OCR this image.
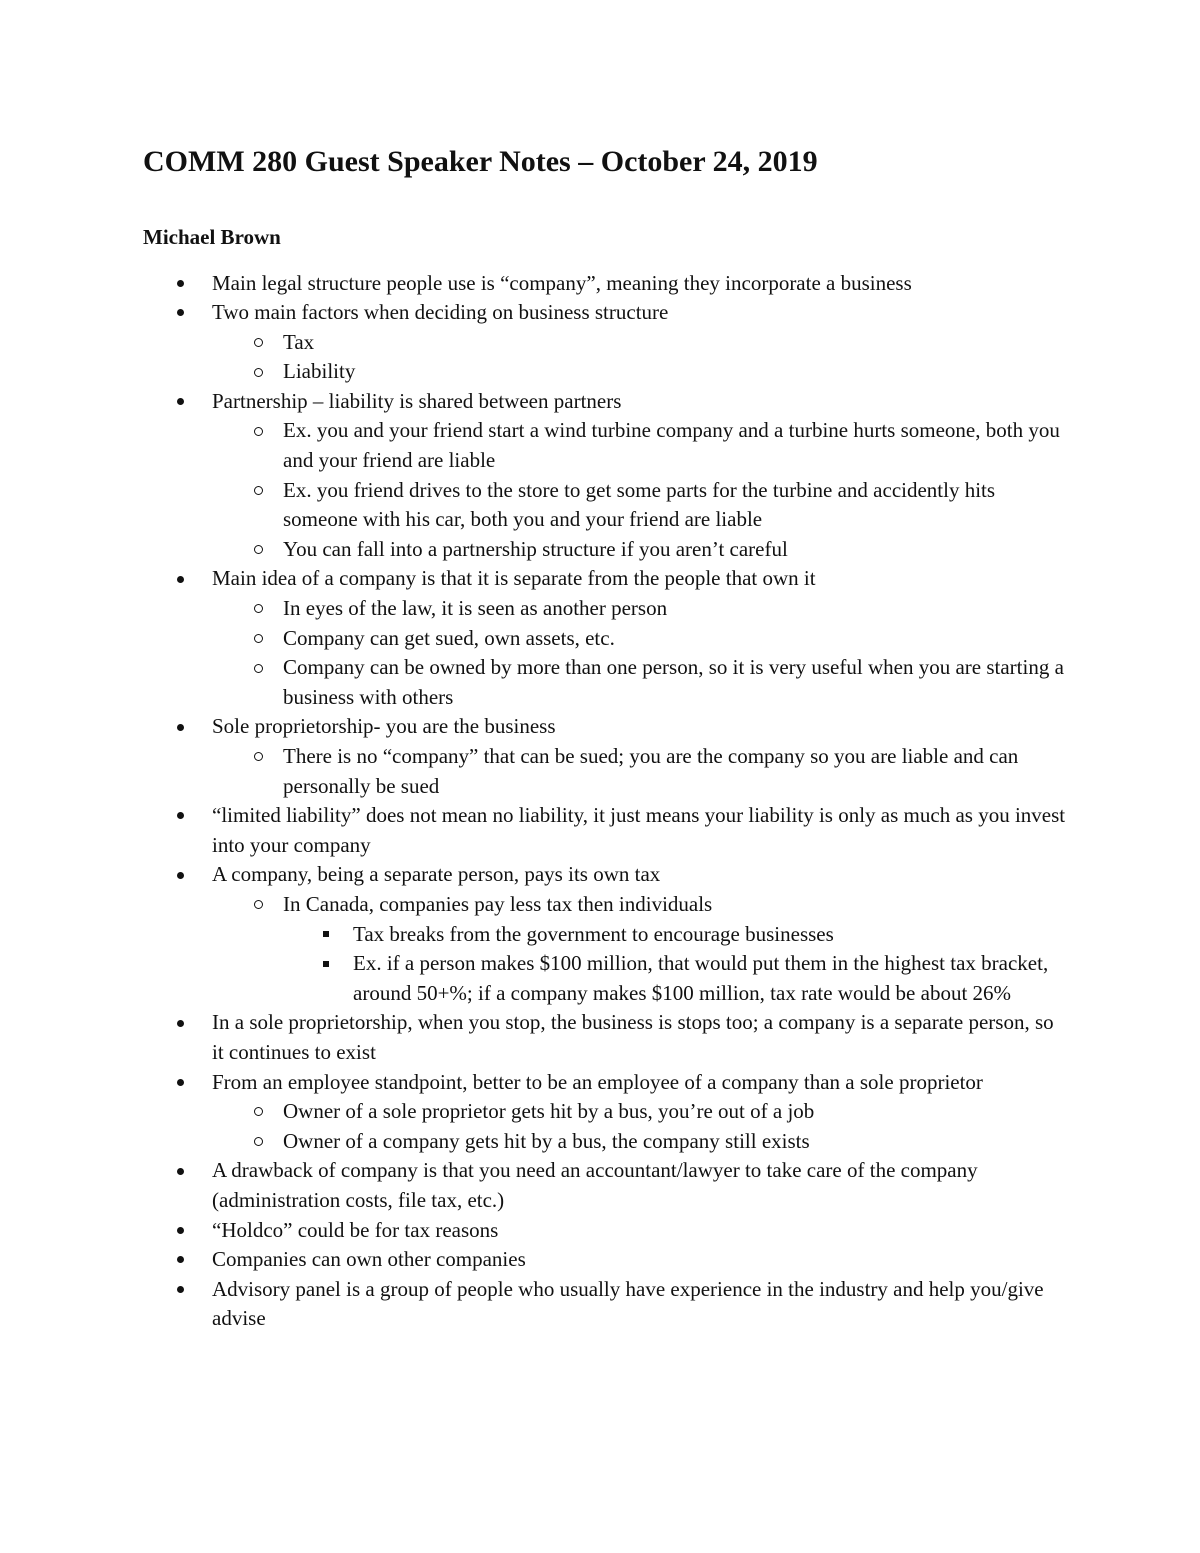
COMM 280 Guest Speaker Notes – October 24, 2019
Michael Brown
Main legal structure people use is “company”, meaning they incorporate a business
Two main factors when deciding on business structure
Tax
Liability
Partnership – liability is shared between partners
Ex. you and your friend start a wind turbine company and a turbine hurts someone, both you and your friend are liable
Ex. you friend drives to the store to get some parts for the turbine and accidently hits someone with his car, both you and your friend are liable
You can fall into a partnership structure if you aren’t careful
Main idea of a company is that it is separate from the people that own it
In eyes of the law, it is seen as another person
Company can get sued, own assets, etc.
Company can be owned by more than one person, so it is very useful when you are starting a business with others
Sole proprietorship- you are the business
There is no “company” that can be sued; you are the company so you are liable and can personally be sued
“limited liability” does not mean no liability, it just means your liability is only as much as you invest into your company
A company, being a separate person, pays its own tax
In Canada, companies pay less tax then individuals
Tax breaks from the government to encourage businesses
Ex. if a person makes $100 million, that would put them in the highest tax bracket, around 50+%; if a company makes $100 million, tax rate would be about 26%
In a sole proprietorship, when you stop, the business is stops too; a company is a separate person, so it continues to exist
From an employee standpoint, better to be an employee of a company than a sole proprietor
Owner of a sole proprietor gets hit by a bus, you’re out of a job
Owner of a company gets hit by a bus, the company still exists
A drawback of company is that you need an accountant/lawyer to take care of the company (administration costs, file tax, etc.)
“Holdco” could be for tax reasons
Companies can own other companies
Advisory panel is a group of people who usually have experience in the industry and help you/give advise
